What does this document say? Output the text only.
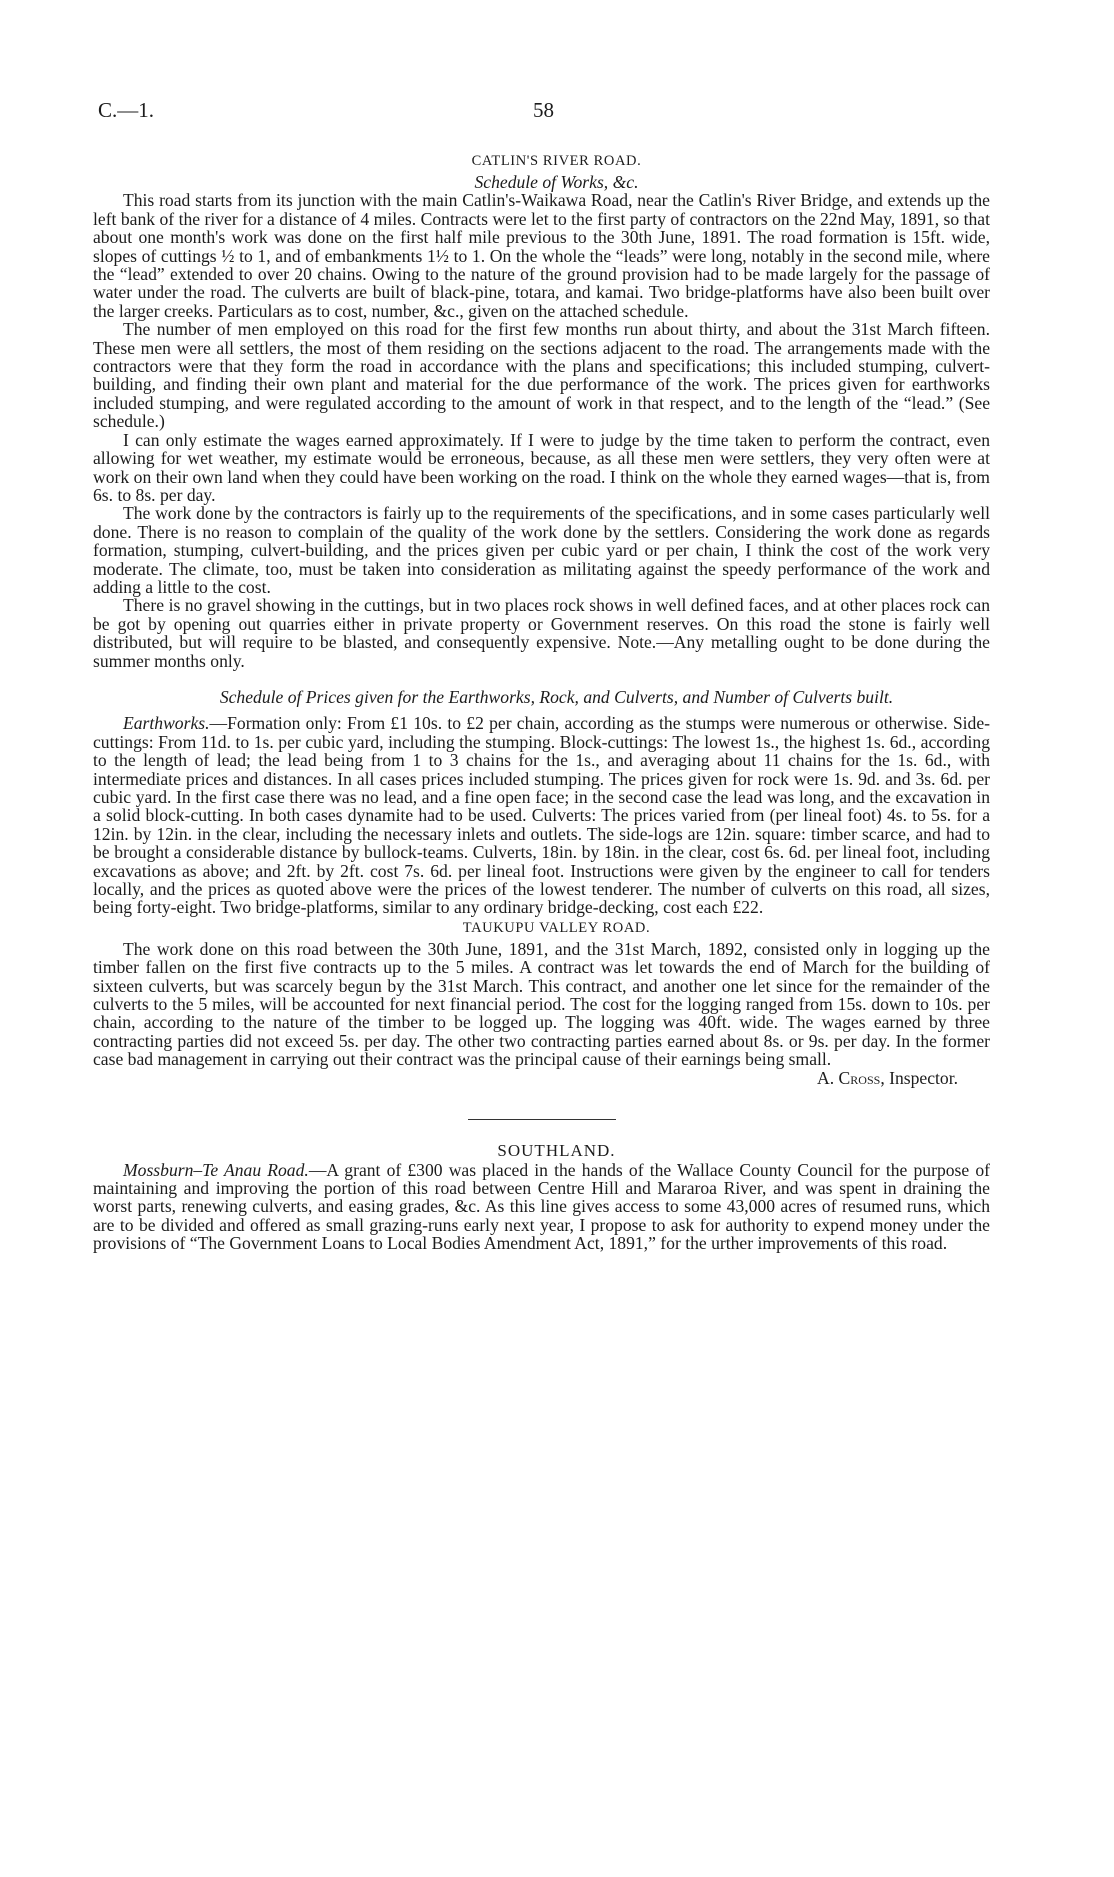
C.—1.	58

CATLIN'S RIVER ROAD.

Schedule of Works, &c.

This road starts from its junction with the main Catlin's-Waikawa Road, near the Catlin's River Bridge, and extends up the left bank of the river for a distance of 4 miles. Contracts were let to the first party of contractors on the 22nd May, 1891, so that about one month's work was done on the first half mile previous to the 30th June, 1891. The road formation is 15ft. wide, slopes of cuttings ½ to 1, and of embankments 1½ to 1. On the whole the “leads” were long, notably in the second mile, where the “lead” extended to over 20 chains. Owing to the nature of the ground provision had to be made largely for the passage of water under the road. The culverts are built of black-pine, totara, and kamai. Two bridge-platforms have also been built over the larger creeks. Particulars as to cost, number, &c., given on the attached schedule.

The number of men employed on this road for the first few months run about thirty, and about the 31st March fifteen. These men were all settlers, the most of them residing on the sections adjacent to the road. The arrangements made with the contractors were that they form the road in accordance with the plans and specifications; this included stumping, culvert-building, and finding their own plant and material for the due performance of the work. The prices given for earthworks included stumping, and were regulated according to the amount of work in that respect, and to the length of the “lead.” (See schedule.)

I can only estimate the wages earned approximately. If I were to judge by the time taken to perform the contract, even allowing for wet weather, my estimate would be erroneous, because, as all these men were settlers, they very often were at work on their own land when they could have been working on the road. I think on the whole they earned wages—that is, from 6s. to 8s. per day.

The work done by the contractors is fairly up to the requirements of the specifications, and in some cases particularly well done. There is no reason to complain of the quality of the work done by the settlers. Considering the work done as regards formation, stumping, culvert-building, and the prices given per cubic yard or per chain, I think the cost of the work very moderate. The climate, too, must be taken into consideration as militating against the speedy performance of the work and adding a little to the cost.

There is no gravel showing in the cuttings, but in two places rock shows in well defined faces, and at other places rock can be got by opening out quarries either in private property or Government reserves. On this road the stone is fairly well distributed, but will require to be blasted, and consequently expensive. Note.—Any metalling ought to be done during the summer months only.

Schedule of Prices given for the Earthworks, Rock, and Culverts, and Number of Culverts built.

Earthworks.—Formation only: From £1 10s. to £2 per chain, according as the stumps were numerous or otherwise. Side-cuttings: From 11d. to 1s. per cubic yard, including the stumping. Block-cuttings: The lowest 1s., the highest 1s. 6d., according to the length of lead; the lead being from 1 to 3 chains for the 1s., and averaging about 11 chains for the 1s. 6d., with intermediate prices and distances. In all cases prices included stumping. The prices given for rock were 1s. 9d. and 3s. 6d. per cubic yard. In the first case there was no lead, and a fine open face; in the second case the lead was long, and the excavation in a solid block-cutting. In both cases dynamite had to be used. Culverts: The prices varied from (per lineal foot) 4s. to 5s. for a 12in. by 12in. in the clear, including the necessary inlets and outlets. The side-logs are 12in. square: timber scarce, and had to be brought a considerable distance by bullock-teams. Culverts, 18in. by 18in. in the clear, cost 6s. 6d. per lineal foot, including excavations as above; and 2ft. by 2ft. cost 7s. 6d. per lineal foot. Instructions were given by the engineer to call for tenders locally, and the prices as quoted above were the prices of the lowest tenderer. The number of culverts on this road, all sizes, being forty-eight. Two bridge-platforms, similar to any ordinary bridge-decking, cost each £22.

TAUKUPU VALLEY ROAD.

The work done on this road between the 30th June, 1891, and the 31st March, 1892, consisted only in logging up the timber fallen on the first five contracts up to the 5 miles. A contract was let towards the end of March for the building of sixteen culverts, but was scarcely begun by the 31st March. This contract, and another one let since for the remainder of the culverts to the 5 miles, will be accounted for next financial period. The cost for the logging ranged from 15s. down to 10s. per chain, according to the nature of the timber to be logged up. The logging was 40ft. wide. The wages earned by three contracting parties did not exceed 5s. per day. The other two contracting parties earned about 8s. or 9s. per day. In the former case bad management in carrying out their contract was the principal cause of their earnings being small.

A. Cross, Inspector.

SOUTHLAND.

Mossburn–Te Anau Road.—A grant of £300 was placed in the hands of the Wallace County Council for the purpose of maintaining and improving the portion of this road between Centre Hill and Mararoa River, and was spent in draining the worst parts, renewing culverts, and easing grades, &c. As this line gives access to some 43,000 acres of resumed runs, which are to be divided and offered as small grazing-runs early next year, I propose to ask for authority to expend money under the provisions of “The Government Loans to Local Bodies Amendment Act, 1891,” for the urther improvements of this road.
